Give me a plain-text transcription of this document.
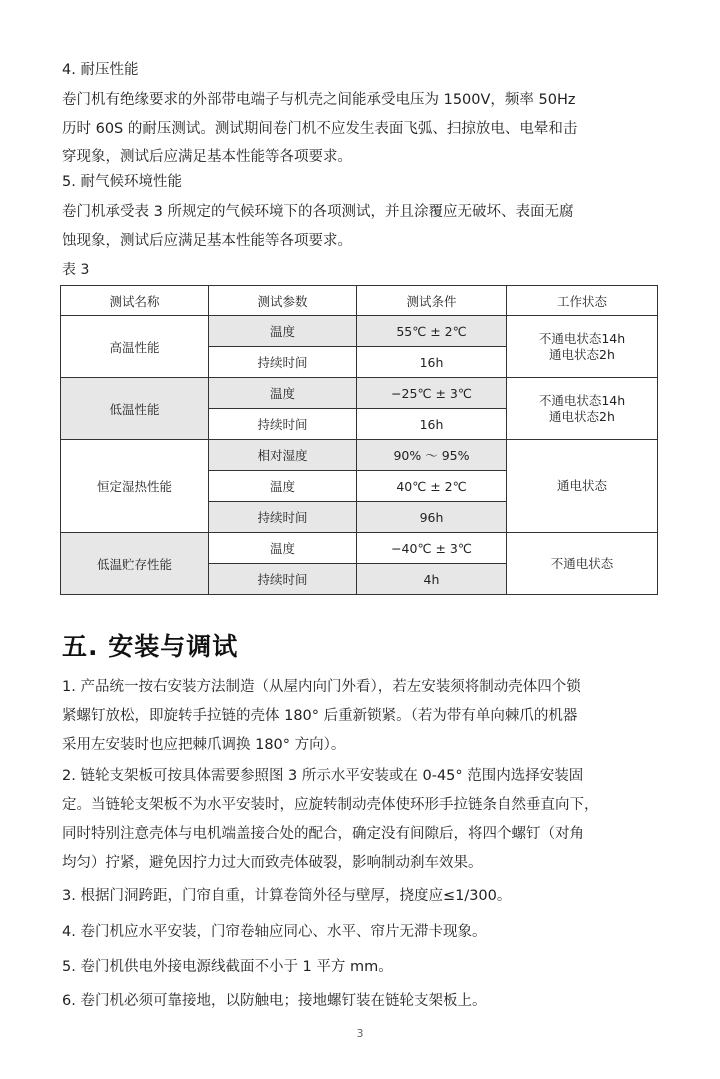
4. 耐压性能
卷门机有绝缘要求的外部带电端子与机壳之间能承受电压为 1500V，频率 50Hz
历时 60S 的耐压测试。测试期间卷门机不应发生表面飞弧、扫掠放电、电晕和击
穿现象，测试后应满足基本性能等各项要求。
5. 耐气候环境性能
卷门机承受表 3 所规定的气候环境下的各项测试，并且涂覆应无破坏、表面无腐
蚀现象，测试后应满足基本性能等各项要求。
表 3
测试名称	测试参数	测试条件	工作状态
高温性能	温度	55℃ ± 2℃	不通电状态14h
通电状态2h

	持续时间	16h	
低温性能	温度	−25℃ ± 3℃	不通电状态14h
通电状态2h

	持续时间	16h	
恒定湿热性能	相对湿度	90% ～ 95%	通电状态

	温度	40℃ ± 2℃	
	持续时间	96h	
低温贮存性能	温度	−40℃ ± 3℃	不通电状态

	持续时间	4h	
五. 安装与调试
1. 产品统一按右安装方法制造（从屋内向门外看），若左安装须将制动壳体四个锁
紧螺钉放松，即旋转手拉链的壳体 180° 后重新锁紧。（若为带有单向棘爪的机器
采用左安装时也应把棘爪调换 180° 方向）。
2. 链轮支架板可按具体需要参照图 3 所示水平安装或在 0-45° 范围内选择安装固
定。当链轮支架板不为水平安装时，应旋转制动壳体使环形手拉链条自然垂直向下，
同时特别注意壳体与电机端盖接合处的配合，确定没有间隙后，将四个螺钉（对角
均匀）拧紧，避免因拧力过大而致壳体破裂，影响制动刹车效果。
3. 根据门洞跨距，门帘自重，计算卷筒外径与壁厚，挠度应≤1/300。
4. 卷门机应水平安装，门帘卷轴应同心、水平、帘片无滞卡现象。
5. 卷门机供电外接电源线截面不小于 1 平方 mm。
6. 卷门机必须可靠接地，以防触电；接地螺钉装在链轮支架板上。
3
